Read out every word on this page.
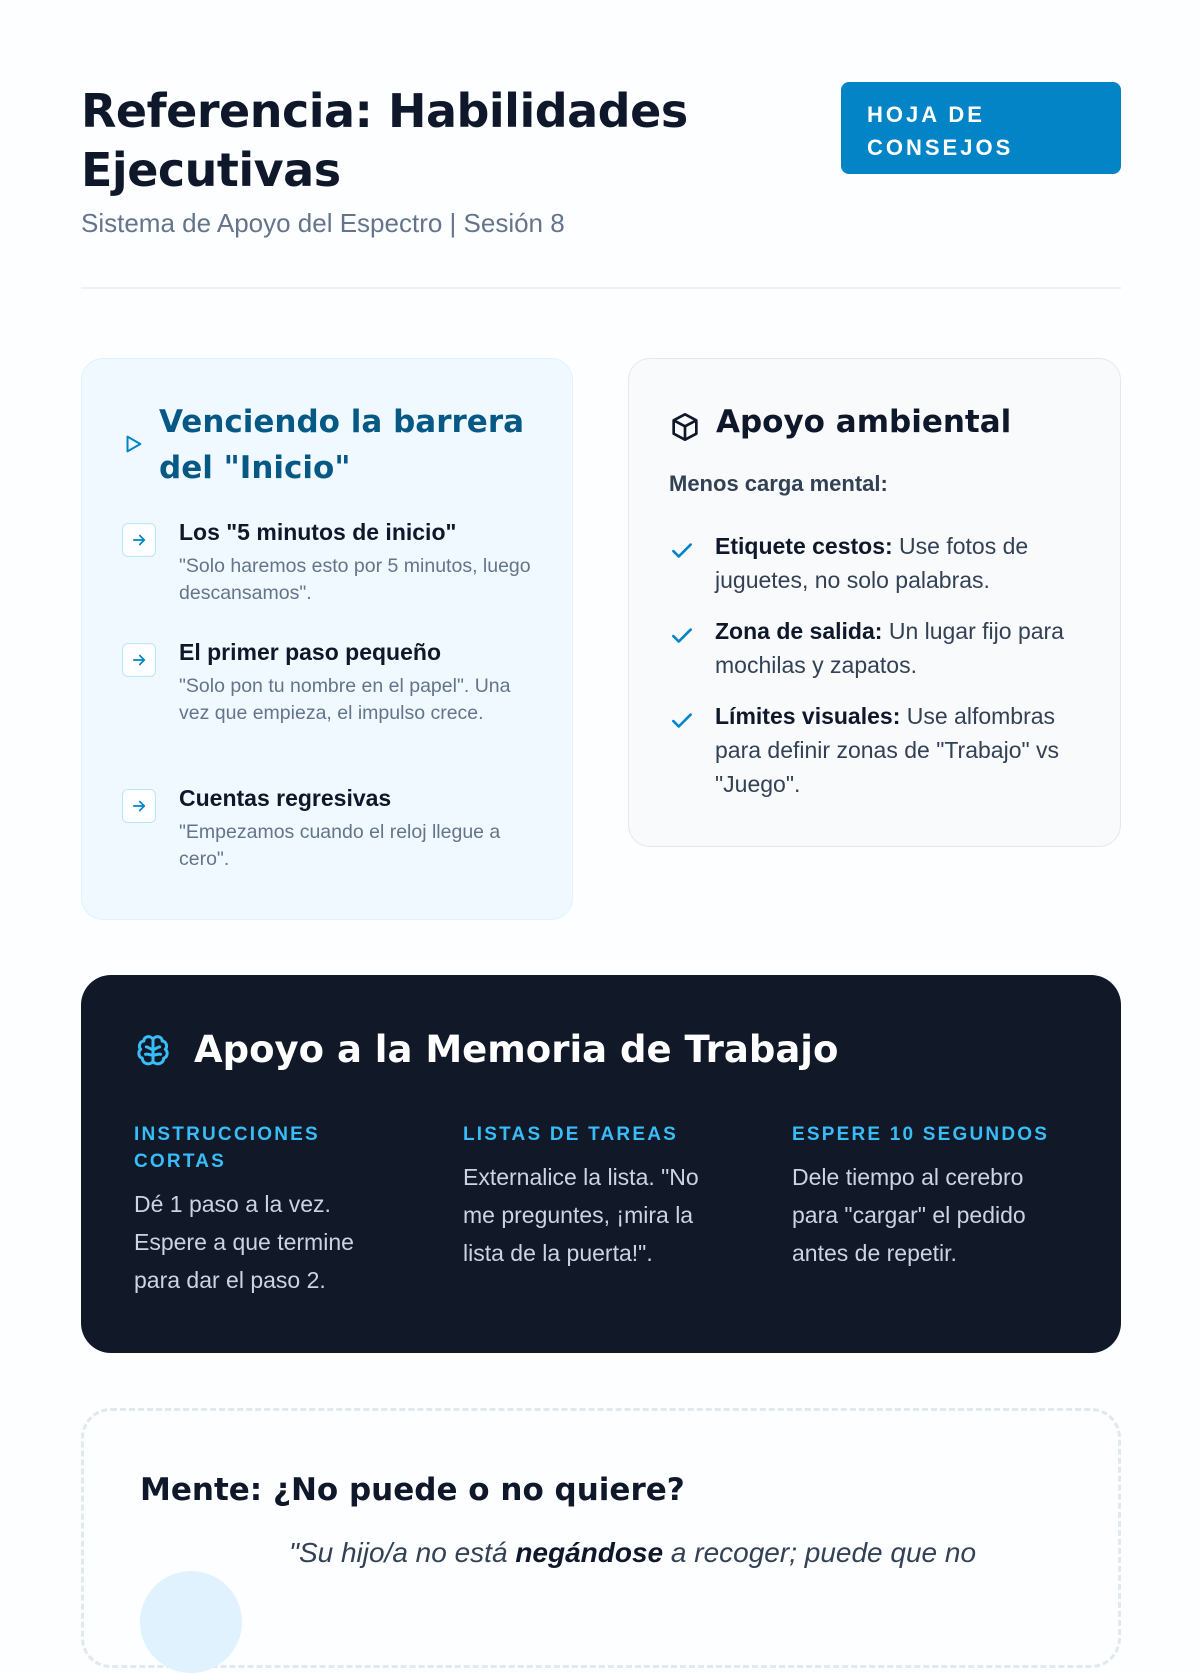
Referencia: Habilidades Ejecutivas

Sistema de Apoyo del Espectro | Sesión 8

HOJA DE CONSEJOS
Venciendo la barrera del "Inicio"

Los "5 minutos de inicio"

"Solo haremos esto por 5 minutos, luego descansamos".

El primer paso pequeño

"Solo pon tu nombre en el papel". Una vez que empieza, el impulso crece.

Cuentas regresivas

"Empezamos cuando el reloj llegue a cero".

Apoyo ambiental

Menos carga mental:

Etiquete cestos: Use fotos de juguetes, no solo palabras.

Zona de salida: Un lugar fijo para mochilas y zapatos.

Límites visuales: Use alfombras para definir zonas de "Trabajo" vs "Juego".

Apoyo a la Memoria de Trabajo

INSTRUCCIONES CORTAS

Dé 1 paso a la vez. Espere a que termine para dar el paso 2.

LISTAS DE TAREAS

Externalice la lista. "No me preguntes, ¡mira la lista de la puerta!".

ESPERE 10 SEGUNDOS

Dele tiempo al cerebro para "cargar" el pedido antes de repetir.

Mente: ¿No puede o no quiere?

"Su hijo/a no está negándose a recoger; puede que no
